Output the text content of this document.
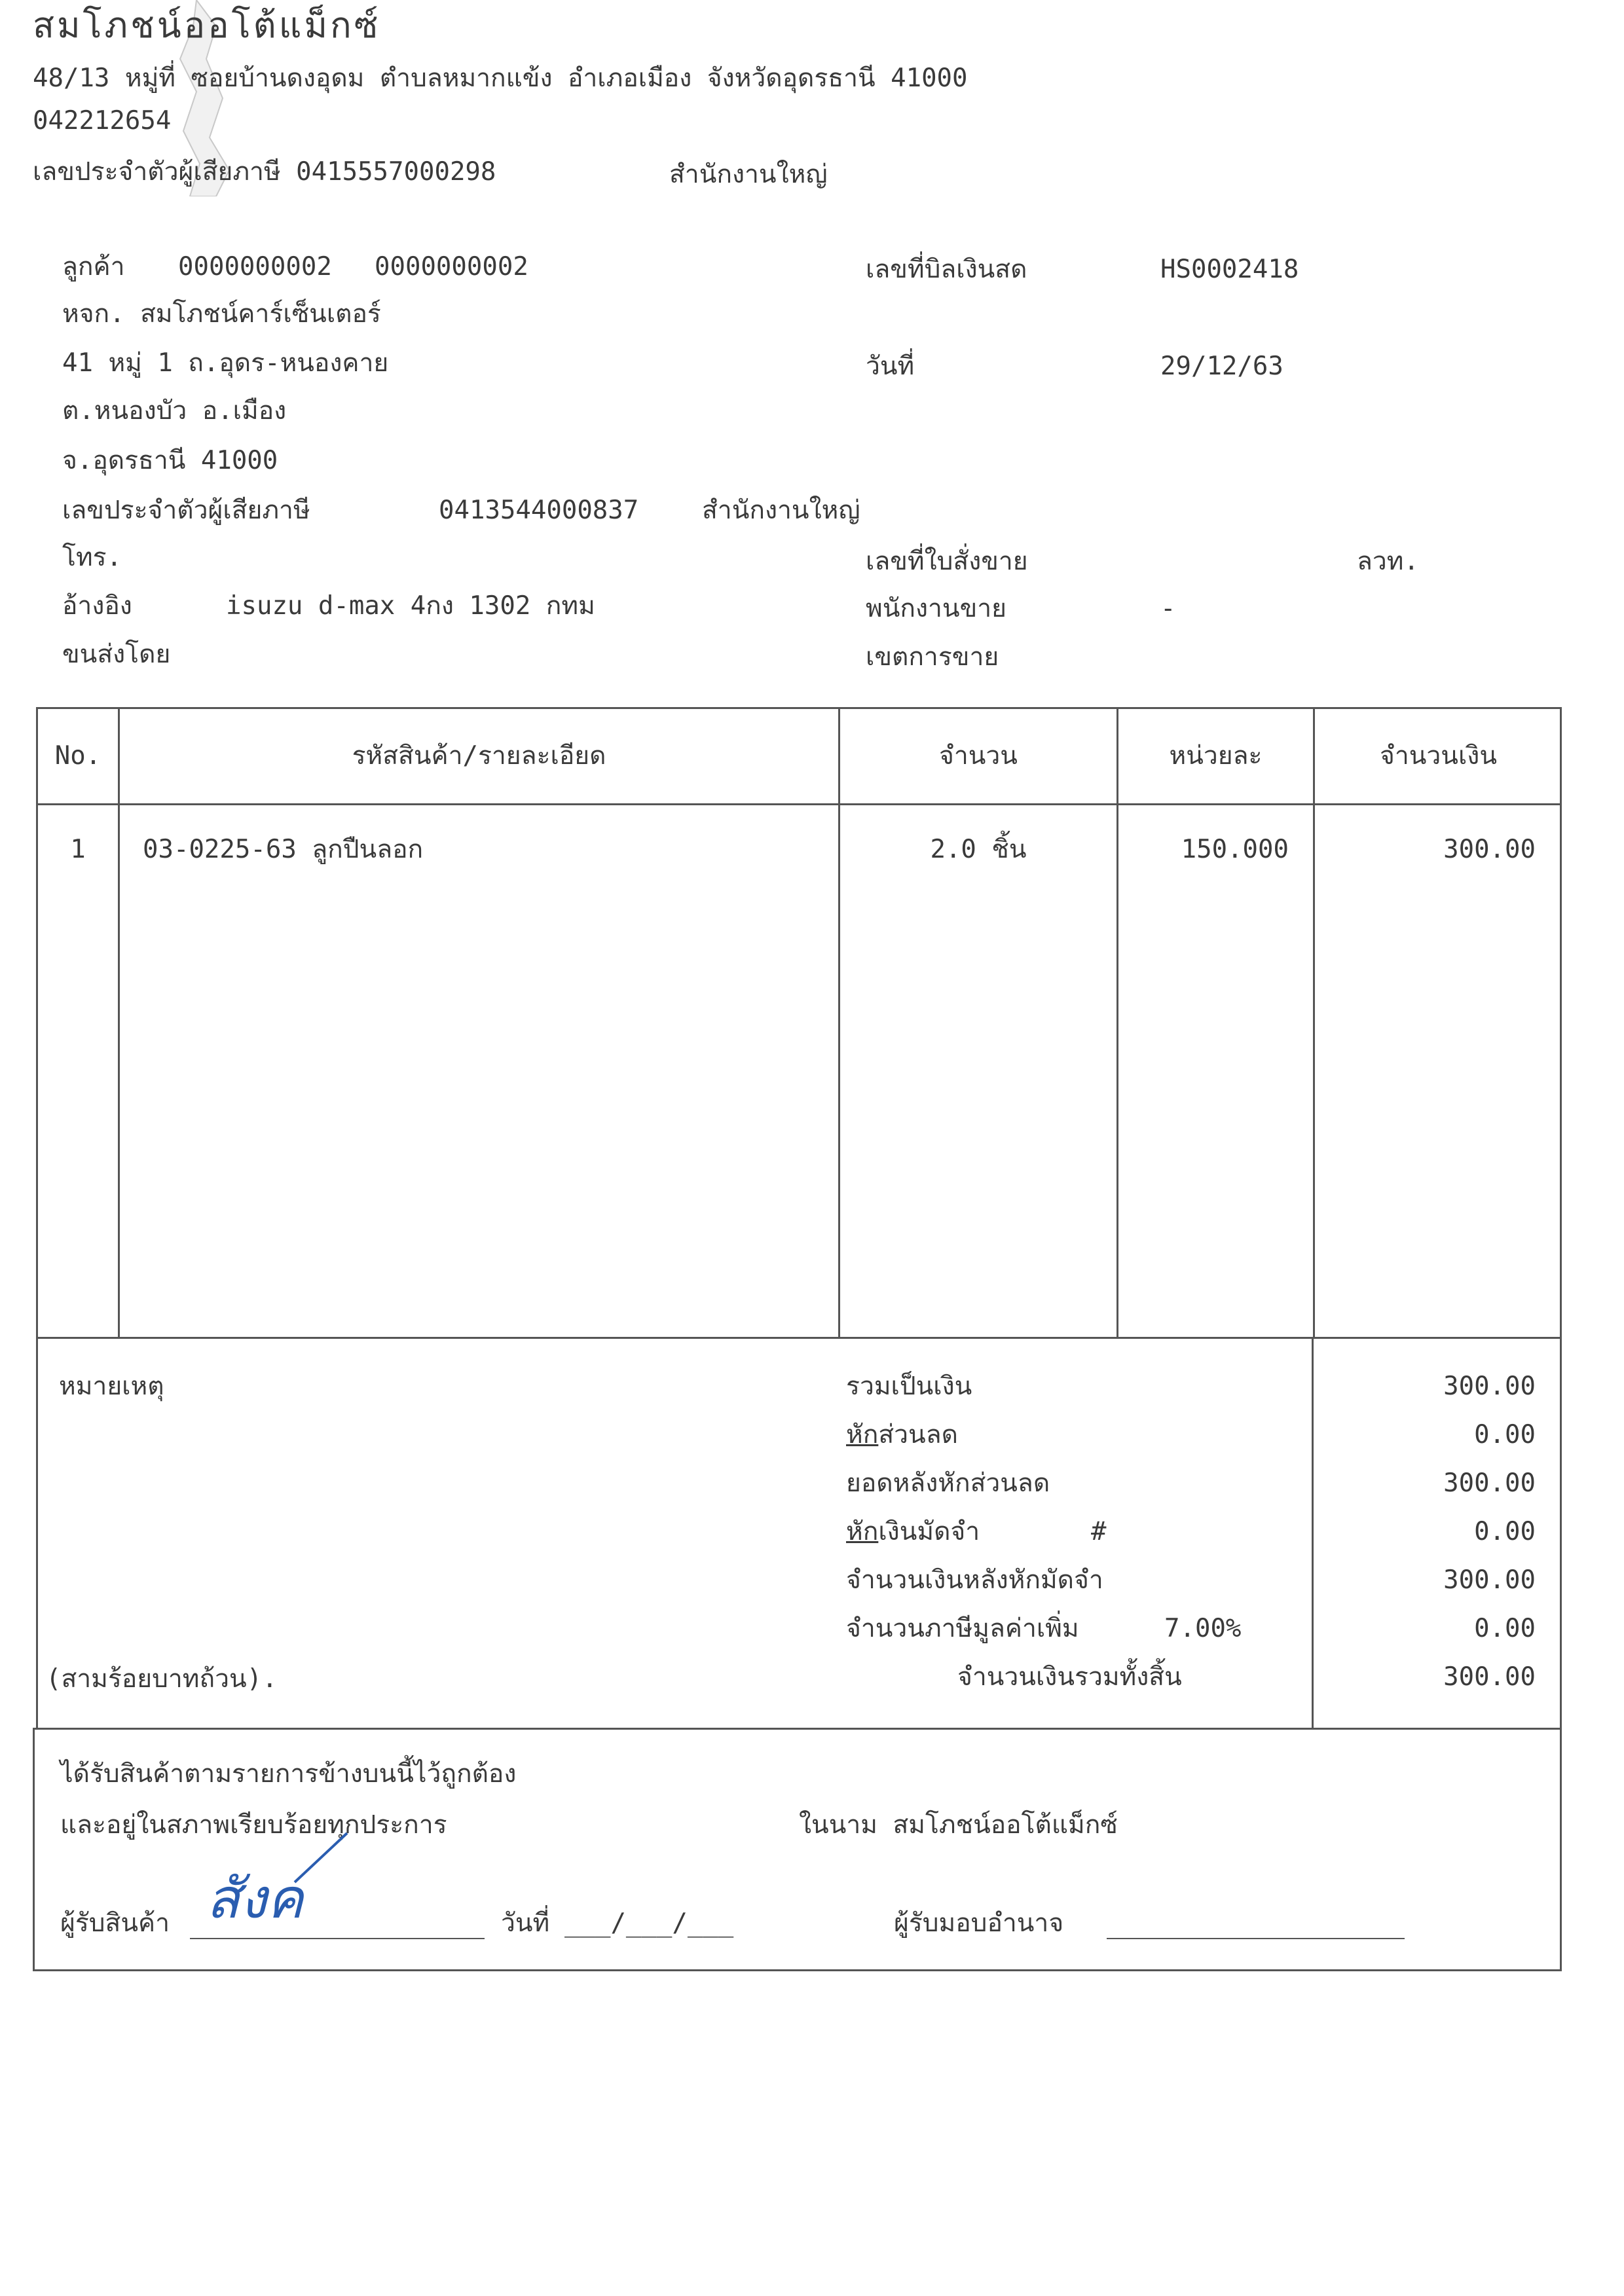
สมโภชน์ออโต้แม็กซ์
48/13 หมู่ที่ ซอยบ้านดงอุดม ตำบลหมากแข้ง อำเภอเมือง จังหวัดอุดรธานี 41000
042212654
เลขประจำตัวผู้เสียภาษี 0415557000298	สำนักงานใหญ่
ลูกค้า 0000000002 0000000002
หจก. สมโภชน์คาร์เซ็นเตอร์
41 หมู่ 1 ถ.อุดร-หนองคาย
ต.หนองบัว อ.เมือง
จ.อุดรธานี 41000
เลขประจำตัวผู้เสียภาษี	0413544000837 สำนักงานใหญ่
โทร.
อ้างอิง	isuzu d-max 4กง 1302 กทม
ขนส่งโดย
เลขที่บิลเงินสด	HS0002418
วันที่	29/12/63
เลขที่ใบสั่งขาย	ลวท.
พนักงานขาย	-
เขตการขาย
No.	รหัสสินค้า/รายละเอียด	จำนวน	หน่วยละ	จำนวนเงิน
1	03-0225-63 ลูกปืนลอก	2.0 ชิ้น	150.000	300.00
หมายเหตุ
(สามร้อยบาทถ้วน).
รวมเป็นเงิน	300.00
หักส่วนลด	0.00
ยอดหลังหักส่วนลด	300.00
หักเงินมัดจำ	#	0.00
จำนวนเงินหลังหักมัดจำ	300.00
จำนวนภาษีมูลค่าเพิ่ม	7.00%	0.00
จำนวนเงินรวมทั้งสิ้น	300.00
ได้รับสินค้าตามรายการข้างบนนี้ไว้ถูกต้อง
และอยู่ในสภาพเรียบร้อยทุกประการ	ในนาม สมโภชน์ออโต้แม็กซ์
ผู้รับสินค้า สังค	วันที่ ___/___/___	ผู้รับมอบอำนาจ
